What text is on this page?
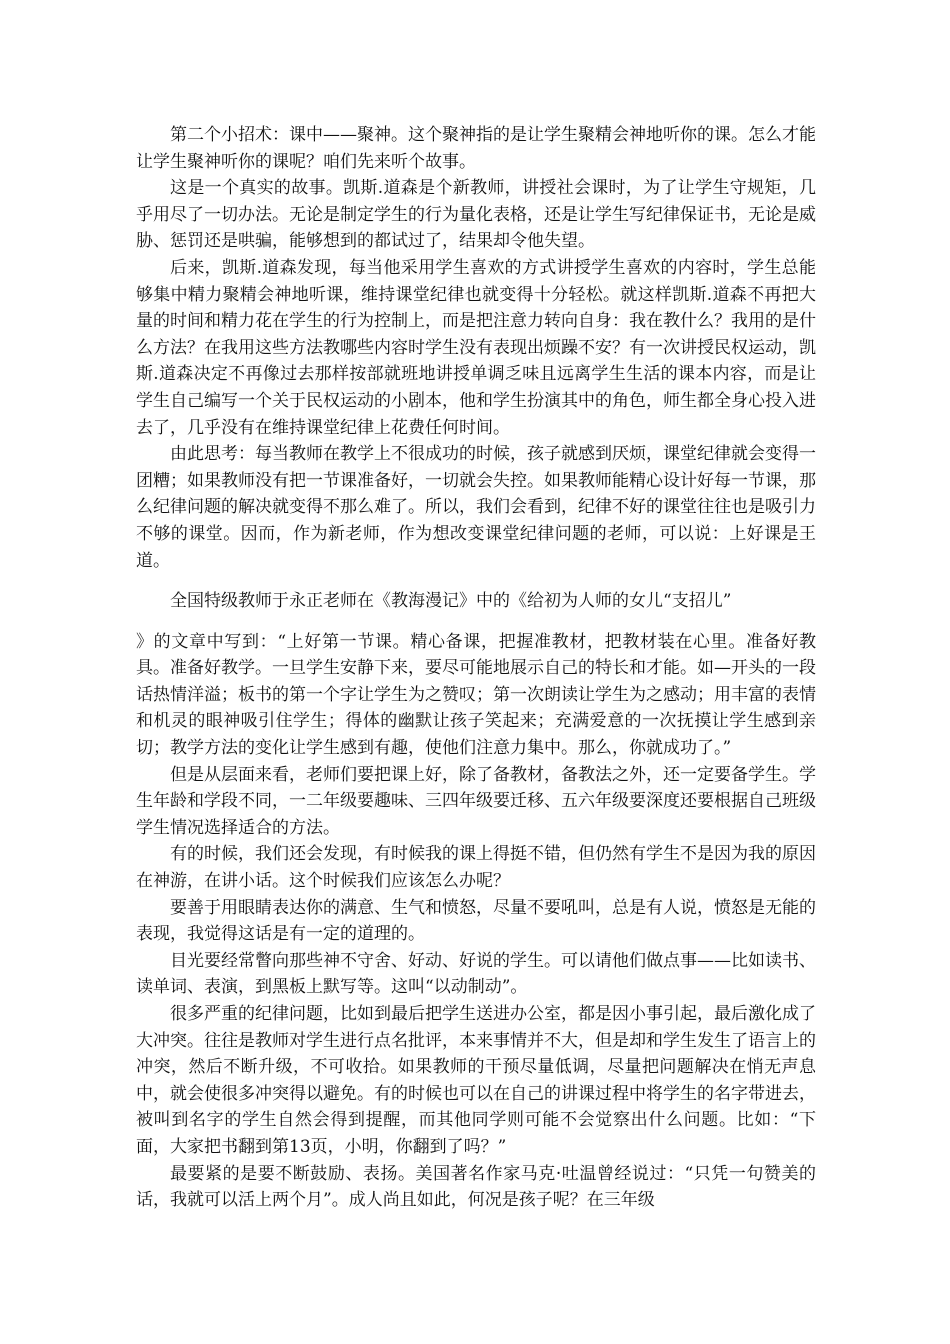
第二个小招术：课中——聚神。这个聚神指的是让学生聚精会神地听你的课。怎么才能让学生聚神听你的课呢？咱们先来听个故事。

这是一个真实的故事。凯斯.道森是个新教师，讲授社会课时，为了让学生守规矩，几乎用尽了一切办法。无论是制定学生的行为量化表格，还是让学生写纪律保证书，无论是威胁、惩罚还是哄骗，能够想到的都试过了，结果却令他失望。

后来，凯斯.道森发现，每当他采用学生喜欢的方式讲授学生喜欢的内容时，学生总能够集中精力聚精会神地听课，维持课堂纪律也就变得十分轻松。就这样凯斯.道森不再把大量的时间和精力花在学生的行为控制上，而是把注意力转向自身：我在教什么？我用的是什么方法？在我用这些方法教哪些内容时学生没有表现出烦躁不安？有一次讲授民权运动，凯斯.道森决定不再像过去那样按部就班地讲授单调乏味且远离学生生活的课本内容，而是让学生自己编写一个关于民权运动的小剧本，他和学生扮演其中的角色，师生都全身心投入进去了，几乎没有在维持课堂纪律上花费任何时间。

由此思考：每当教师在教学上不很成功的时候，孩子就感到厌烦，课堂纪律就会变得一团糟；如果教师没有把一节课准备好，一切就会失控。如果教师能精心设计好每一节课，那么纪律问题的解决就变得不那么难了。所以，我们会看到，纪律不好的课堂往往也是吸引力不够的课堂。因而，作为新老师，作为想改变课堂纪律问题的老师，可以说：上好课是王道。

全国特级教师于永正老师在《教海漫记》中的《给初为人师的女儿“支招儿”

》的文章中写到：“上好第一节课。精心备课，把握准教材，把教材装在心里。准备好教具。准备好教学。一旦学生安静下来，要尽可能地展示自己的特长和才能。如—开头的一段话热情洋溢；板书的第一个字让学生为之赞叹；第一次朗读让学生为之感动；用丰富的表情和机灵的眼神吸引住学生；得体的幽默让孩子笑起来；充满爱意的一次抚摸让学生感到亲切；教学方法的变化让学生感到有趣，使他们注意力集中。那么，你就成功了。”

但是从层面来看，老师们要把课上好，除了备教材，备教法之外，还一定要备学生。学生年龄和学段不同，一二年级要趣味、三四年级要迁移、五六年级要深度还要根据自己班级学生情况选择适合的方法。

有的时候，我们还会发现，有时候我的课上得挺不错，但仍然有学生不是因为我的原因在神游，在讲小话。这个时候我们应该怎么办呢？

要善于用眼睛表达你的满意、生气和愤怒，尽量不要吼叫，总是有人说，愤怒是无能的表现，我觉得这话是有一定的道理的。

目光要经常瞥向那些神不守舍、好动、好说的学生。可以请他们做点事——比如读书、读单词、表演，到黑板上默写等。这叫“以动制动”。

很多严重的纪律问题，比如到最后把学生送进办公室，都是因小事引起，最后激化成了大冲突。往往是教师对学生进行点名批评，本来事情并不大，但是却和学生发生了语言上的冲突，然后不断升级，不可收拾。如果教师的干预尽量低调，尽量把问题解决在悄无声息中，就会使很多冲突得以避免。有的时候也可以在自己的讲课过程中将学生的名字带进去，被叫到名字的学生自然会得到提醒，而其他同学则可能不会觉察出什么问题。比如：“下面，大家把书翻到第13页，小明，你翻到了吗？”

最要紧的是要不断鼓励、表扬。美国著名作家马克·吐温曾经说过：“只凭一句赞美的话，我就可以活上两个月”。成人尚且如此，何况是孩子呢？在三年级
